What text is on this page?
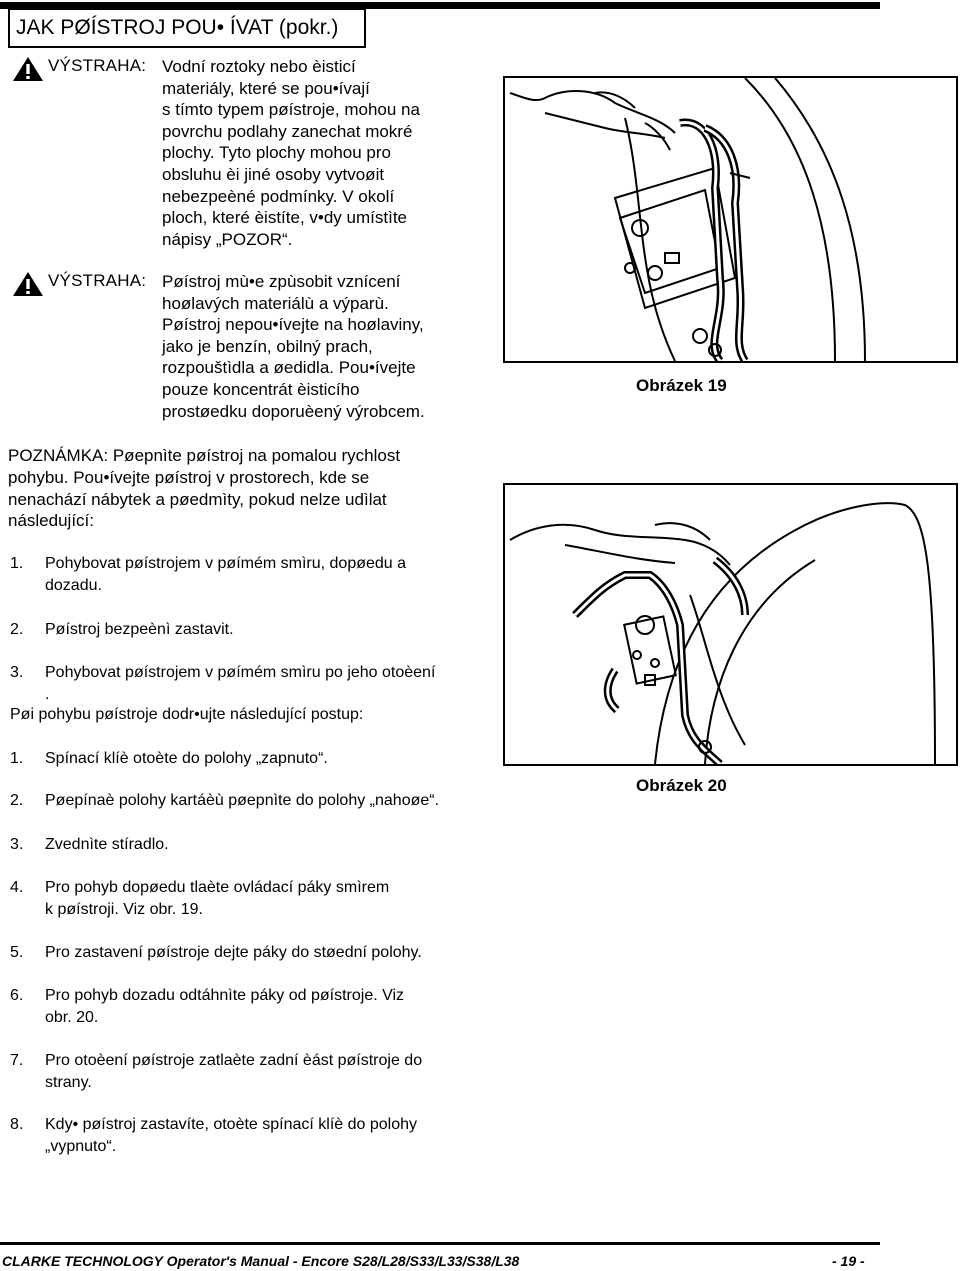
JAK PØÍSTROJ POU• ÍVAT (pokr.)
VÝSTRAHA: Vodní roztoky nebo èisticí
materiály, které se pou•ívají
s tímto typem pøístroje, mohou na
povrchu podlahy zanechat mokré
plochy. Tyto plochy mohou pro
obsluhu èi jiné osoby vytvoøit
nebezpeèné podmínky. V okolí
ploch, které èistíte, v•dy umístìte
nápisy „POZOR“.
VÝSTRAHA: Pøístroj mù•e zpùsobit vznícení
hoølavých materiálù a výparù.
Pøístroj nepou•ívejte na hoølaviny,
jako je benzín, obilný prach,
rozpouštìdla a øedidla. Pou•ívejte
pouze koncentrát èisticího
prostøedku doporuèený výrobcem.
POZNÁMKA: Pøepnìte pøístroj na pomalou rychlost
pohybu. Pou•ívejte pøístroj v prostorech, kde se
nenachází nábytek a pøedmìty, pokud nelze udìlat
následující:
1. Pohybovat pøístrojem v pøímém smìru, dopøedu a
dozadu.
2. Pøístroj bezpeènì zastavit.
3. Pohybovat pøístrojem v pøímém smìru po jeho otoèení
.
Pøi pohybu pøístroje dodr•ujte následující postup:
1. Spínací klíè otoète do polohy „zapnuto“.
2. Pøepínaè polohy kartáèù pøepnìte do polohy „nahoøe“.
3. Zvednìte stíradlo.
4. Pro pohyb dopøedu tlaète ovládací páky smìrem
k pøístroji. Viz obr. 19.
5. Pro zastavení pøístroje dejte páky do støední polohy.
6. Pro pohyb dozadu odtáhnìte páky od pøístroje. Viz
obr. 20.
7. Pro otoèení pøístroje zatlaète zadní èást pøístroje do
strany.
8. Kdy• pøístroj zastavíte, otoète spínací klíè do polohy
„vypnuto“.
Obrázek 19
Obrázek 20
CLARKE TECHNOLOGY Operator's Manual - Encore S28/L28/S33/L33/S38/L38	- 19 -
